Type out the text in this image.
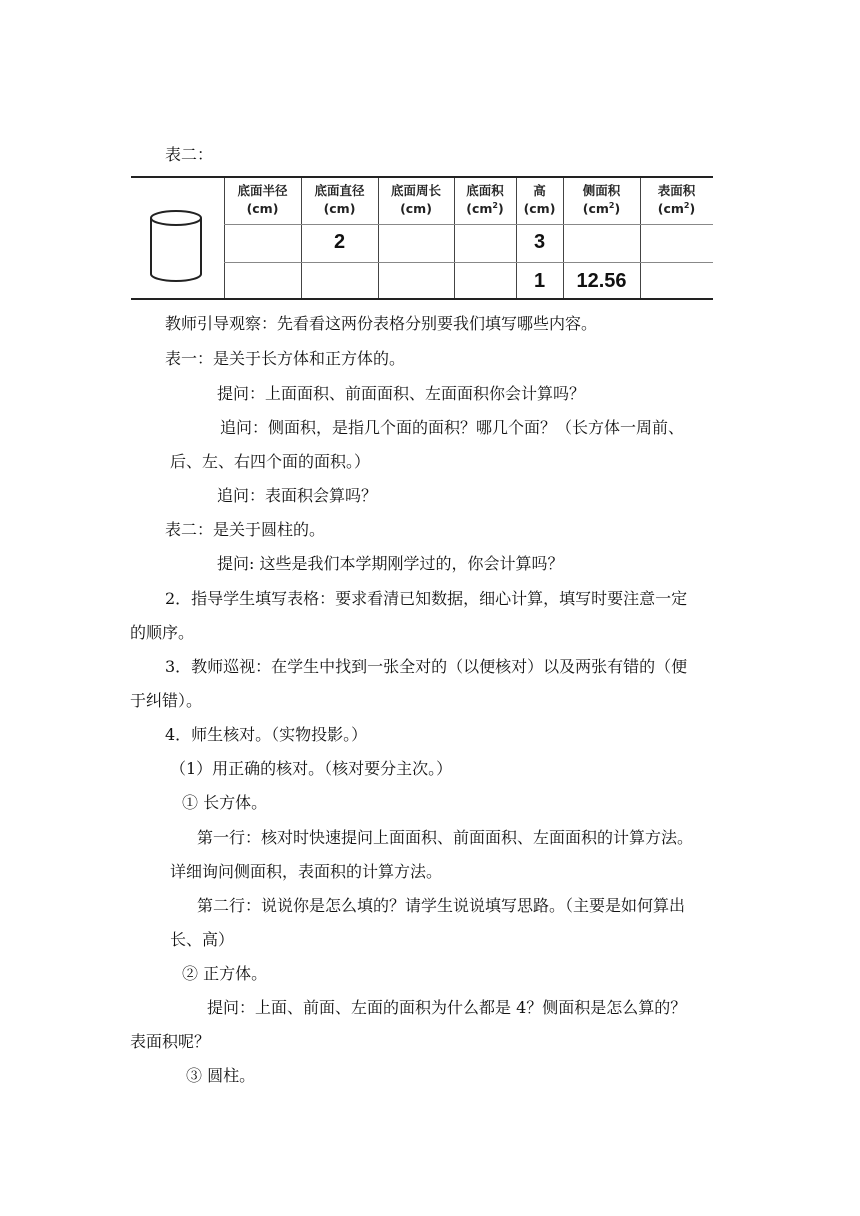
表二：
底面半径
(cm)
底面直径
(cm)
底面周长
(cm)
底面积
$(cm^2)$
高
(cm)
侧面积
$(cm^2)$
表面积
$(cm^2)$
2	3
1	12.56
教师引导观察：先看看这两份表格分别要我们填写哪些内容。
表一：是关于长方体和正方体的。
提问：上面面积、前面面积、左面面积你会计算吗？
追问：侧面积，是指几个面的面积？哪几个面？（长方体一周前、
后、左、右四个面的面积。）
追问：表面积会算吗？
表二：是关于圆柱的。
提问: 这些是我们本学期刚学过的，你会计算吗？
2．指导学生填写表格：要求看清已知数据，细心计算，填写时要注意一定
的顺序。
3．教师巡视：在学生中找到一张全对的（以便核对）以及两张有错的（便
于纠错）。
4．师生核对。（实物投影。）
（1）用正确的核对。（核对要分主次。）
① 长方体。
第一行：核对时快速提问上面面积、前面面积、左面面积的计算方法。
详细询问侧面积，表面积的计算方法。
第二行：说说你是怎么填的？请学生说说填写思路。（主要是如何算出
长、高）
② 正方体。
提问：上面、前面、左面的面积为什么都是 4？侧面积是怎么算的？
表面积呢？
③ 圆柱。
